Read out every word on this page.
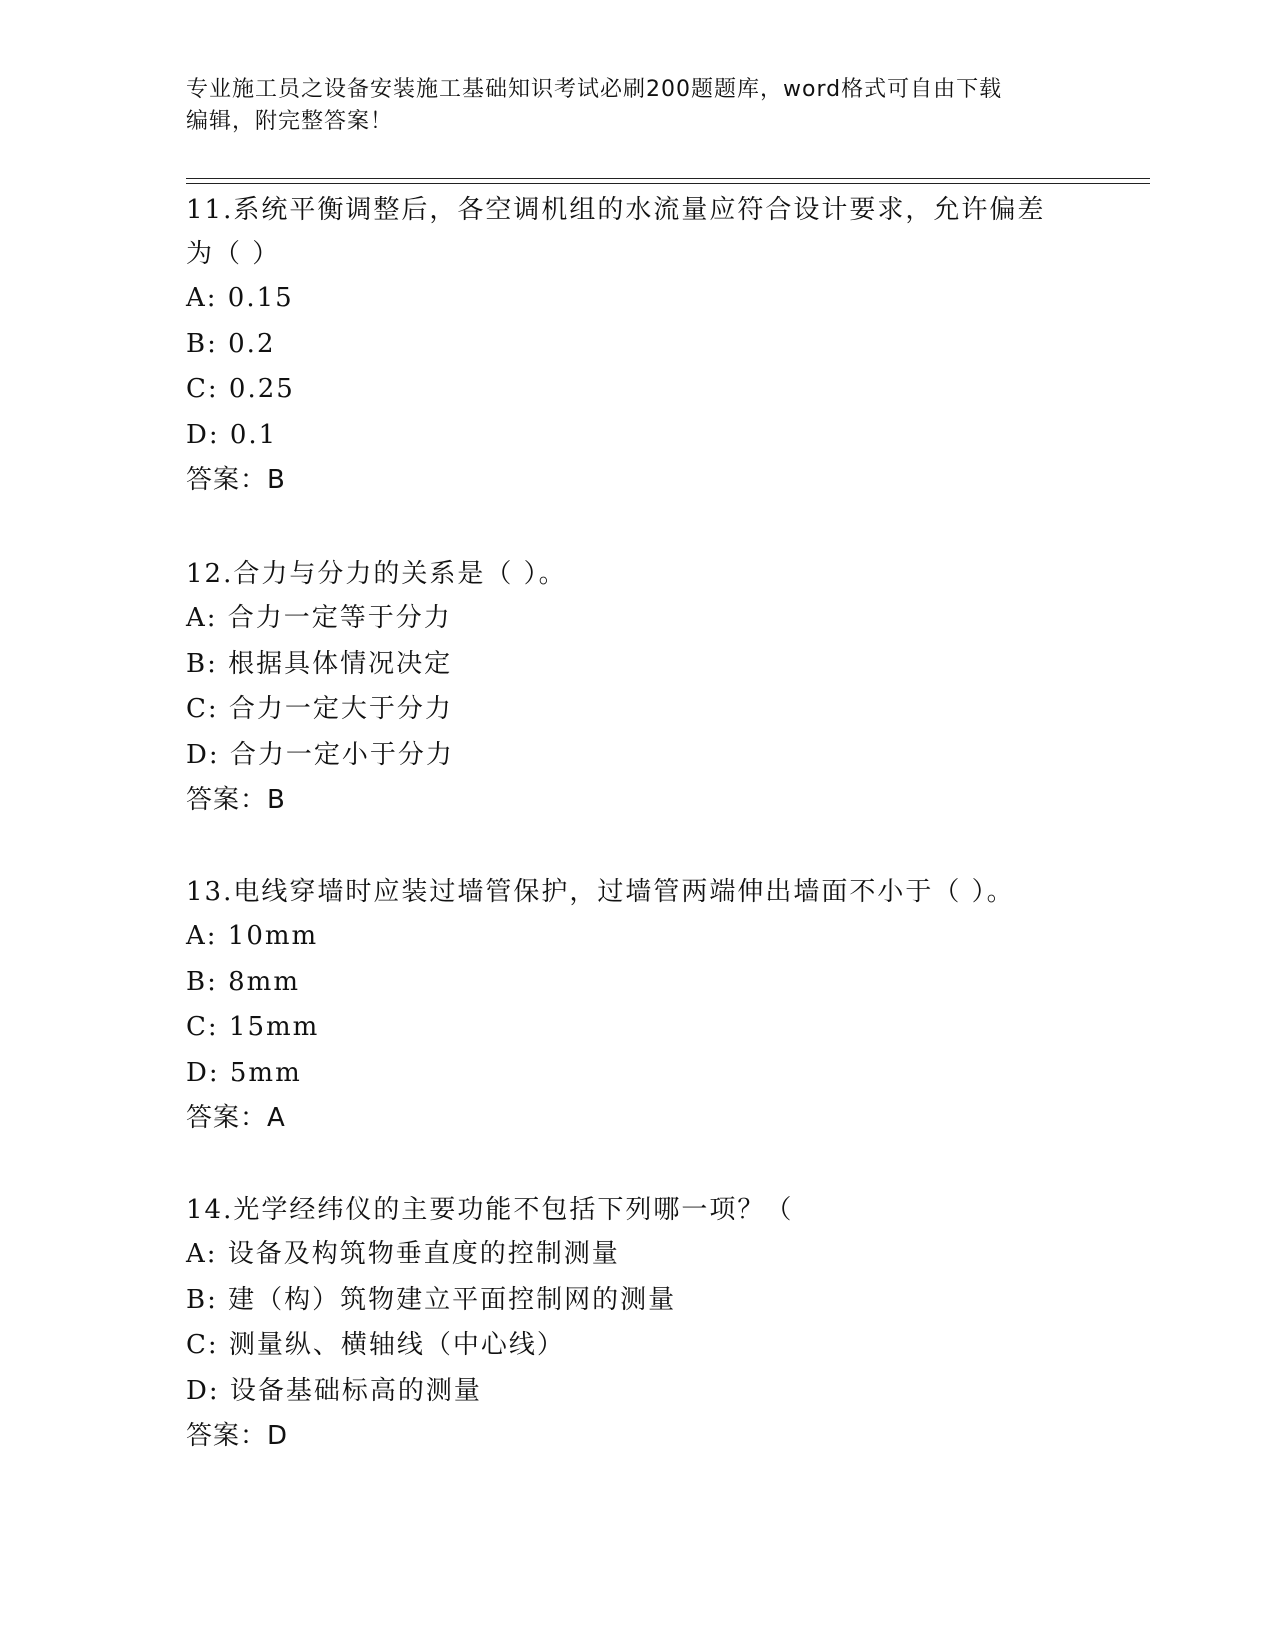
专业施工员之设备安装施工基础知识考试必刷200题题库，word格式可自由下载
编辑，附完整答案！

11.系统平衡调整后，各空调机组的水流量应符合设计要求，允许偏差

为（ ）

A: 0.15

B: 0.2

C: 0.25

D: 0.1

答案：B

12.合力与分力的关系是（ ）。

A: 合力一定等于分力

B: 根据具体情况决定

C: 合力一定大于分力

D: 合力一定小于分力

答案：B

13.电线穿墙时应装过墙管保护，过墙管两端伸出墙面不小于（ ）。

A: 10mm

B: 8mm

C: 15mm

D: 5mm

答案：A

14.光学经纬仪的主要功能不包括下列哪一项？（

A: 设备及构筑物垂直度的控制测量

B: 建（构）筑物建立平面控制网的测量

C: 测量纵、横轴线（中心线）

D: 设备基础标高的测量

答案：D
